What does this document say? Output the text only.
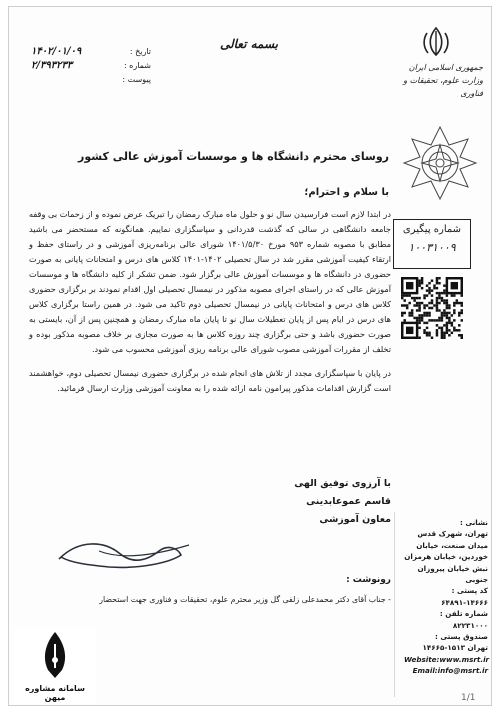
بسمه تعالی
۱۴۰۲/۰۱/۰۹	تاریخ :
۲/۳۹۳۲۳۳	شماره :

پیوست :
جمهوری اسلامی ایران
وزارت علوم، تحقیقات و فناوری
شماره پیگیری
۱۰۰۳۱۰۰۹
روسای محترم دانشگاه ها و موسسات آموزش عالی کشور
با سلام و احترام؛

در ابتدا لازم است فرارسیدن سال نو و حلول ماه مبارک رمضان را تبریک عرض نموده و از زحمات بی وقفه جامعه دانشگاهی در سالی که گذشت قدردانی و سپاسگزاری نماییم. همانگونه که مستحضر می باشید مطابق با مصوبه شماره ۹۵۳ مورخ ۱۴۰۱/۵/۳۰ شورای عالی برنامه‌ریزی آموزشی و در راستای حفظ و ارتقاء کیفیت آموزشی مقرر شد در سال تحصیلی ۱۴۰۲-۱۴۰۱ کلاس های درس و امتحانات پایانی به صورت حضوری در دانشگاه ها و موسسات آموزش عالی برگزار شود. ضمن تشکر از کلیه دانشگاه ها و موسسات آموزش عالی که در راستای اجرای مصوبه مذکور در نیمسال تحصیلی اول اقدام نمودند بر برگزاری حضوری کلاس های درس و امتحانات پایانی در نیمسال تحصیلی دوم تاکید می شود. در همین راستا برگزاری کلاس های درس در ایام پس از پایان تعطیلات سال نو تا پایان ماه مبارک رمضان و همچنین پس از آن، بایستی به صورت حضوری باشد و حتی برگزاری چند روزه کلاس ها به صورت مجازی بر خلاف مصوبه مذکور بوده و تخلف از مقررات آموزشی مصوب شورای عالی برنامه ریزی آموزشی محسوب می شود.

در پایان با سپاسگزاری مجدد از تلاش های انجام شده در برگزاری حضوری نیمسال تحصیلی دوم، خواهشمند است گزارش اقدامات مذکور پیرامون نامه ارائه شده را به معاونت آموزشی وزارت ارسال فرمائید.

با آرزوی توفیق الهی
قاسم عموعابدینی
معاون آموزشی
رونوشت :
- جناب آقای دکتر محمدعلی زلفی گل وزیر محترم علوم، تحقیقات و فناوری جهت استحضار
نشانی :
تهران، شهرک قدس
میدان صنعت، خیابان
خوردین، خیابان هرمزان
نبش خیابان پیروزان جنوبی
کد پستی : ۱۴۶۶۶-۶۴۸۹۱
شماره تلفن : ۸۲۲۳۱۰۰۰
صندوق پستی :
تهران ۱۵۱۳-۱۴۶۶۵
Website:www.msrt.ir
Email:info@msrt.ir
1/1
سامانه مشاوره میهن
